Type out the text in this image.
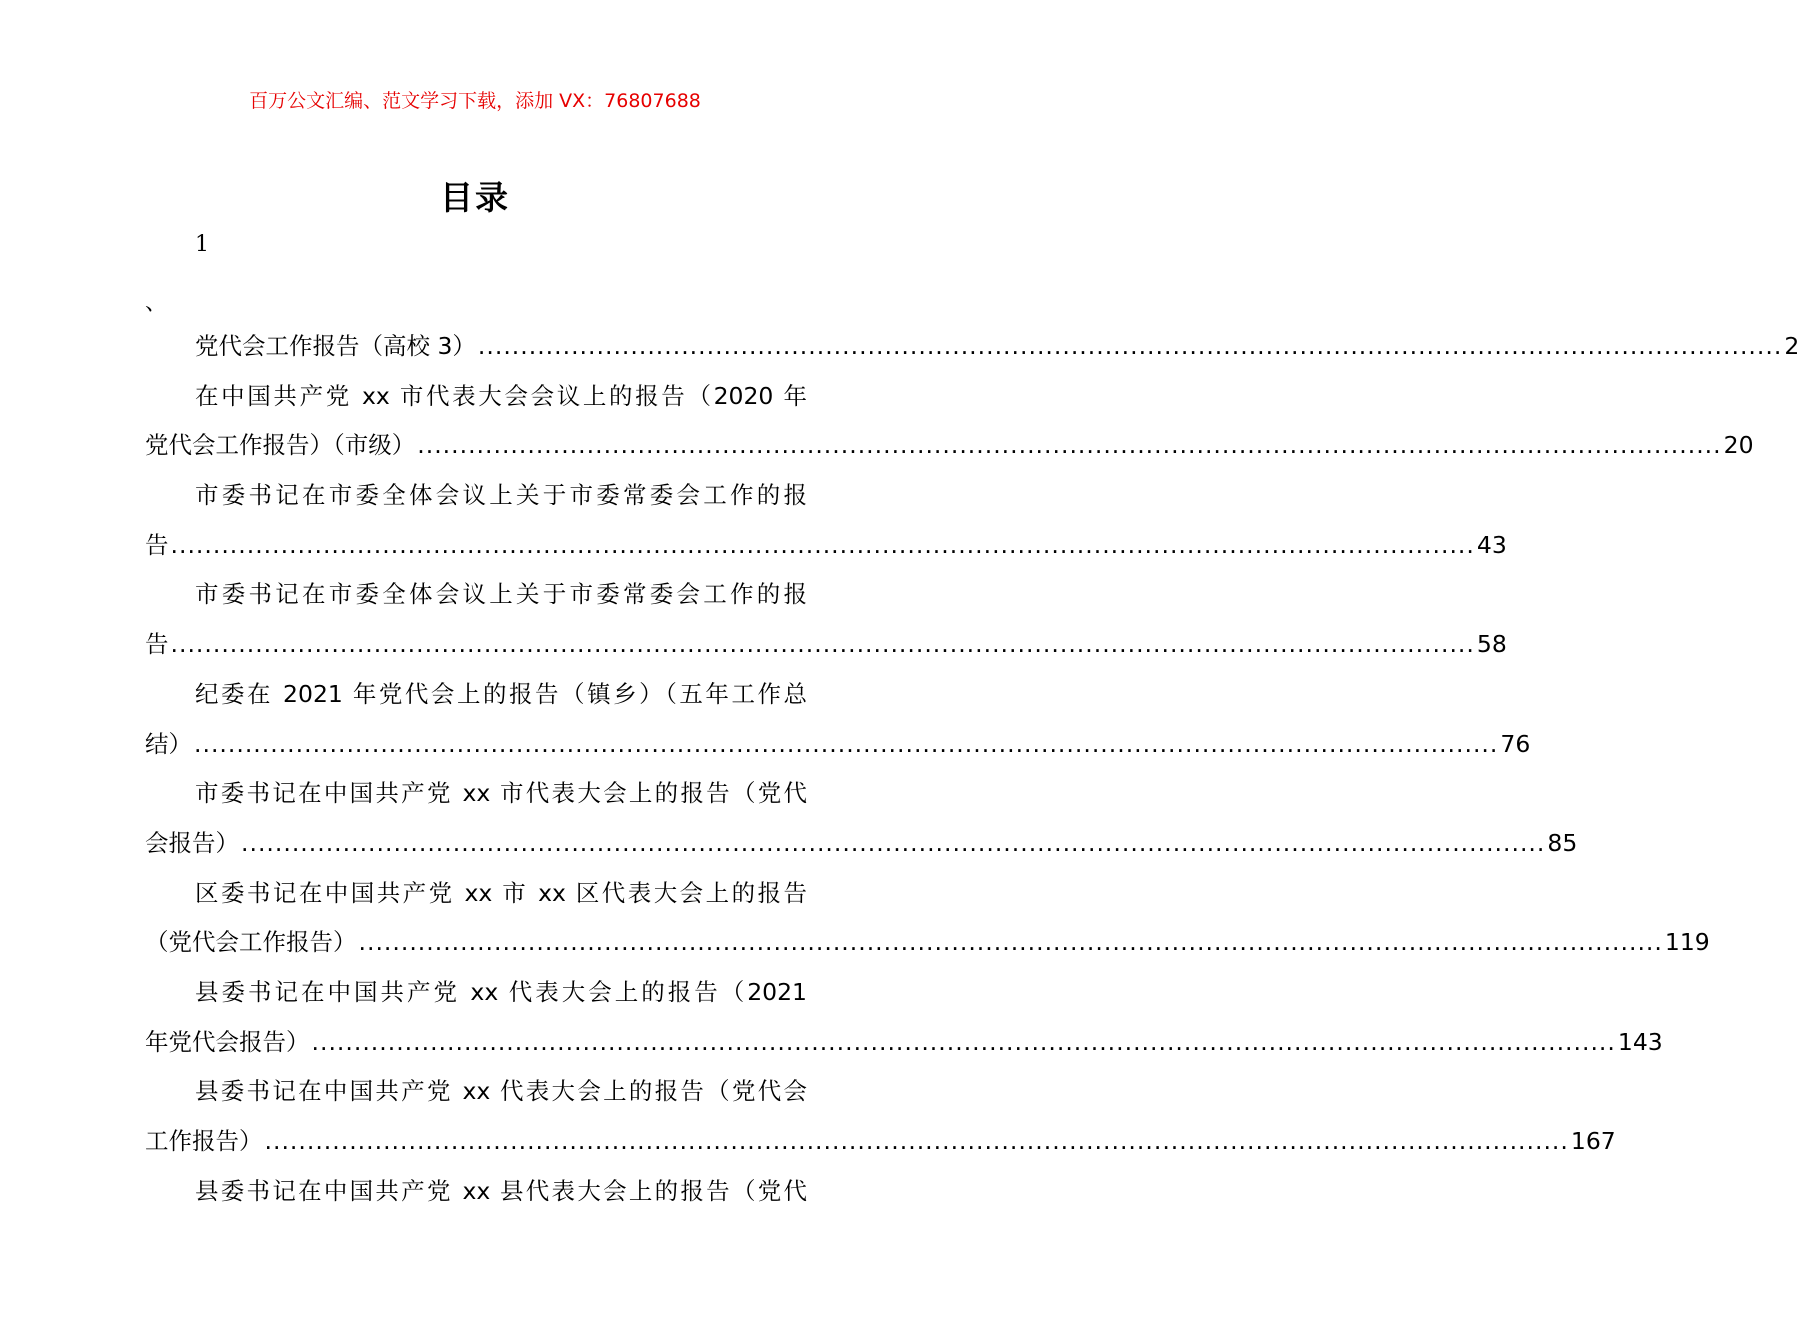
百万公文汇编、范文学习下载，添加 VX：76807688
目录
1
、
党代会工作报告（高校 3） .......................................................................................................................................................... 2
在中国共产党 xx 市代表大会会议上的报告（2020 年
党代会工作报告）（市级） .......................................................................................................................................................... 20
市委书记在市委全体会议上关于市委常委会工作的报
告 .......................................................................................................................................................... 43
市委书记在市委全体会议上关于市委常委会工作的报
告 .......................................................................................................................................................... 58
纪委在 2021 年党代会上的报告（镇乡）（五年工作总
结） .......................................................................................................................................................... 76
市委书记在中国共产党 xx 市代表大会上的报告（党代
会报告） .......................................................................................................................................................... 85
区委书记在中国共产党 xx 市 xx 区代表大会上的报告
（党代会工作报告） .......................................................................................................................................................... 119
县委书记在中国共产党 xx 代表大会上的报告（2021
年党代会报告） .......................................................................................................................................................... 143
县委书记在中国共产党 xx 代表大会上的报告（党代会
工作报告） .......................................................................................................................................................... 167
县委书记在中国共产党 xx 县代表大会上的报告（党代
